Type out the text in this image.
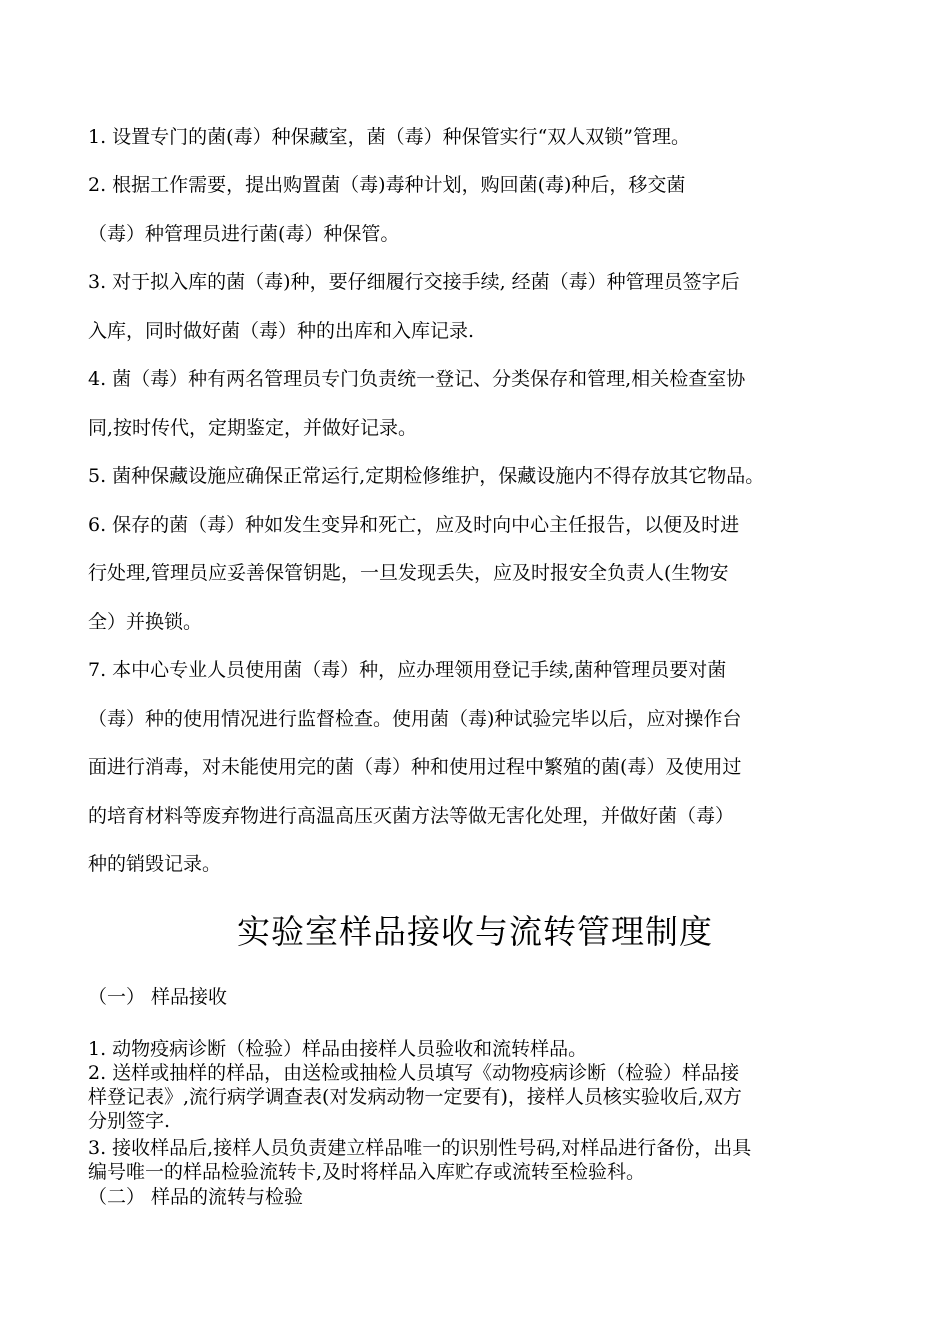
1. 设置专门的菌(毒）种保藏室，菌（毒）种保管实行“双人双锁”管理。
2. 根据工作需要，提出购置菌（毒)毒种计划，购回菌(毒)种后，移交菌
（毒）种管理员进行菌(毒）种保管。
3. 对于拟入库的菌（毒)种，要仔细履行交接手续, 经菌（毒）种管理员签字后
入库，同时做好菌（毒）种的出库和入库记录.
4. 菌（毒）种有两名管理员专门负责统一登记、分类保存和管理,相关检查室协
同,按时传代，定期鉴定，并做好记录。
5. 菌种保藏设施应确保正常运行,定期检修维护，保藏设施内不得存放其它物品。
6. 保存的菌（毒）种如发生变异和死亡，应及时向中心主任报告，以便及时进
行处理,管理员应妥善保管钥匙，一旦发现丢失，应及时报安全负责人(生物安
全）并换锁。
7. 本中心专业人员使用菌（毒）种，应办理领用登记手续,菌种管理员要对菌
（毒）种的使用情况进行监督检查。使用菌（毒)种试验完毕以后，应对操作台
面进行消毒，对未能使用完的菌（毒）种和使用过程中繁殖的菌(毒）及使用过
的培育材料等废弃物进行高温高压灭菌方法等做无害化处理，并做好菌（毒）
种的销毁记录。
实验室样品接收与流转管理制度
（一） 样品接收
1. 动物疫病诊断（检验）样品由接样人员验收和流转样品。
2. 送样或抽样的样品，由送检或抽检人员填写《动物疫病诊断（检验）样品接
样登记表》,流行病学调查表(对发病动物一定要有)，接样人员核实验收后,双方
分别签字.
3. 接收样品后,接样人员负责建立样品唯一的识别性号码,对样品进行备份，出具
编号唯一的样品检验流转卡,及时将样品入库贮存或流转至检验科。
（二） 样品的流转与检验
